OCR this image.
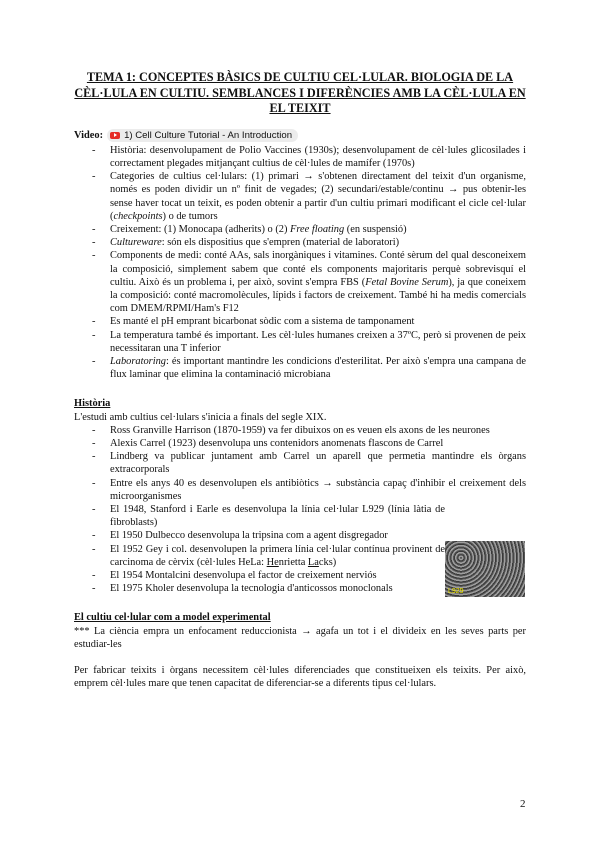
TEMA 1: CONCEPTES BÀSICS DE CULTIU CEL·LULAR. BIOLOGIA DE LA CÈL·LULA EN CULTIU. SEMBLANCES I DIFERÈNCIES AMB LA CÈL·LULA EN EL TEIXIT
Video: 1) Cell Culture Tutorial - An Introduction
- Història: desenvolupament de Polio Vaccines (1930s); desenvolupament de cèl·lules glicosilades i correctament plegades mitjançant cultius de cèl·lules de mamífer (1970s)
- Categories de cultius cel·lulars: (1) primari → s'obtenen directament del teixit d'un organisme, només es poden dividir un nº finit de vegades; (2) secundari/estable/continu → pus obtenir-les sense haver tocat un teixit, es poden obtenir a partir d'un cultiu primari modificant el cicle cel·lular (checkpoints) o de tumors
- Creixement: (1) Monocapa (adherits) o (2) Free floating (en suspensió)
- Cultureware: són els dispositius que s'empren (material de laboratori)
- Components de medi: conté AAs, sals inorgàniques i vitamines. Conté sèrum del qual desconeixem la composició, simplement sabem que conté els components majoritaris perquè sobrevisquí el cultiu. Això és un problema i, per això, sovint s'empra FBS (Fetal Bovine Serum), ja que coneixem la composició: conté macromolècules, lípids i factors de creixement. També hi ha medis comercials com DMEM/RPMI/Ham's F12
- Es manté el pH emprant bicarbonat sòdic com a sistema de tamponament
- La temperatura també és important. Les cèl·lules humanes creixen a 37ºC, però si provenen de peix necessitaran una T inferior
- Laboratoring: és important mantindre les condicions d'esterilitat. Per això s'empra una campana de flux laminar que elimina la contaminació microbiana
Història

L'estudi amb cultius cel·lulars s'inicia a finals del segle XIX.

- Ross Granville Harrison (1870-1959) va fer dibuixos on es veuen els axons de les neurones
- Alexis Carrel (1923) desenvolupa uns contenidors anomenats flascons de Carrel
- Lindberg va publicar juntament amb Carrel un aparell que permetia mantindre els òrgans extracorporals
- Entre els anys 40 es desenvolupen els antibiòtics → substància capaç d'inhibir el creixement dels microorganismes
- El 1948, Stanford i Earle es desenvolupa la línia cel·lular L929 (línia làtia de fibroblasts)
- El 1950 Dulbecco desenvolupa la tripsina com a agent disgregador
- El 1952 Gey i col. desenvolupen la primera línia cel·lular contínua provinent de carcinoma de cèrvix (cèl·lules HeLa: Henrietta Lacks)
- El 1954 Montalcini desenvolupa el factor de creixement nerviós
- El 1975 Kholer desenvolupa la tecnologia d'anticossos monoclonals
El cultiu cel·lular com a model experimental

*** La ciència empra un enfocament reduccionista → agafa un tot i el divideix en les seves parts per estudiar-les

Per fabricar teixits i òrgans necessitem cèl·lules diferenciades que constitueixen els teixits. Per això, emprem cèl·lules mare que tenen capacitat de diferenciar-se a diferents tipus cel·lulars.

L929
2
